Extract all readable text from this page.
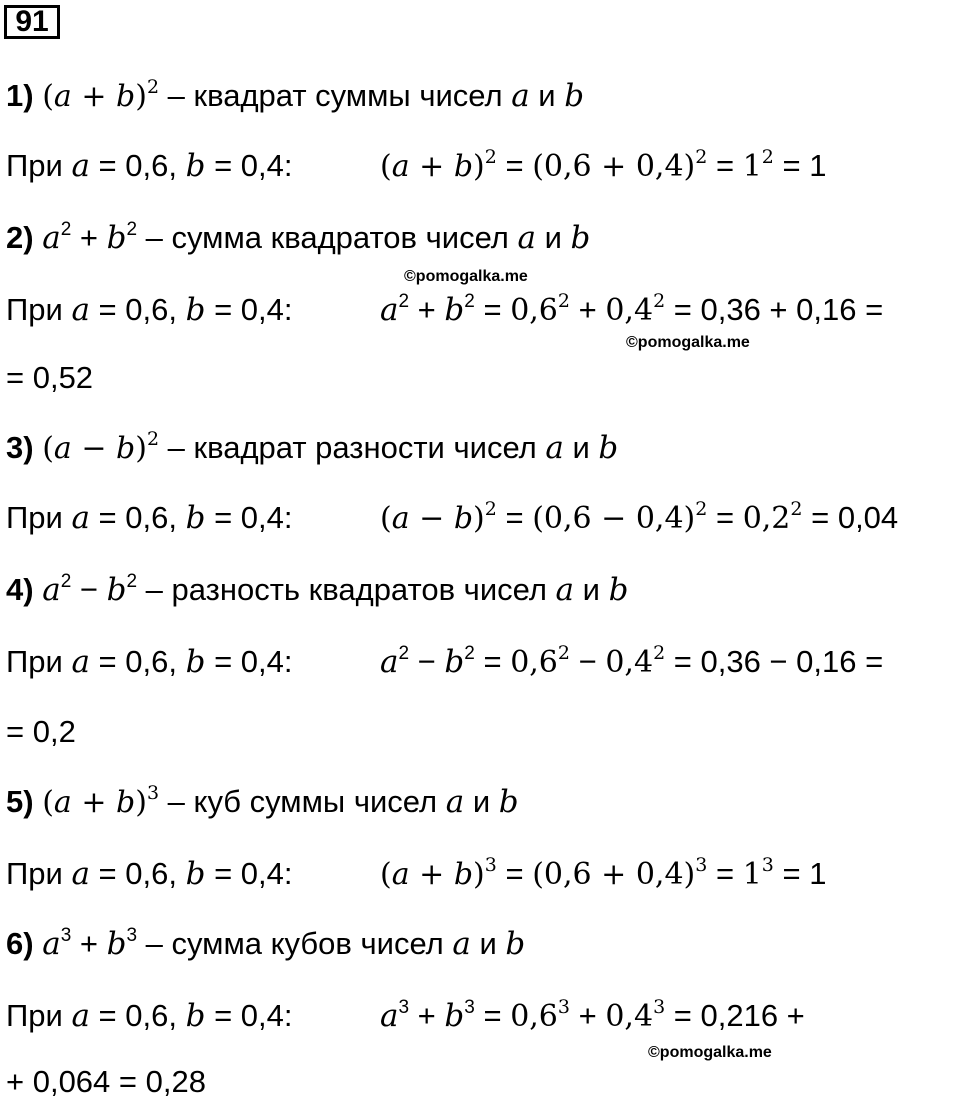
91
1) $(a + b)^2$ – квадрат суммы чисел a и b
При a = 0,6, b = 0,4:	$(a + b)^2 = (0,6 + 0,4)^2 = 1^2 = 1$
2) $a^2 + b^2$ – сумма квадратов чисел a и b
©pomogalka.me
При a = 0,6, b = 0,4:	$a^2 + b^2 = 0,6^2 + 0,4^2 = 0,36 + 0,16$ =
©pomogalka.me
= 0,52
3) $(a - b)^2$ – квадрат разности чисел a и b
При a = 0,6, b = 0,4:	$(a - b)^2 = (0,6 - 0,4)^2 = 0,2^2 = 0,04$
4) $a^2 - b^2$ – разность квадратов чисел a и b
При a = 0,6, b = 0,4:	$a^2 - b^2 = 0,6^2 - 0,4^2 = 0,36 - 0,16$ =
= 0,2
5) $(a + b)^3$ – куб суммы чисел a и b
При a = 0,6, b = 0,4:	$(a + b)^3 = (0,6 + 0,4)^3 = 1^3 = 1$
6) $a^3 + b^3$ – сумма кубов чисел a и b
При a = 0,6, b = 0,4:	$a^3 + b^3 = 0,6^3 + 0,4^3 = 0,216$ +
©pomogalka.me
+ 0,064 = 0,28
